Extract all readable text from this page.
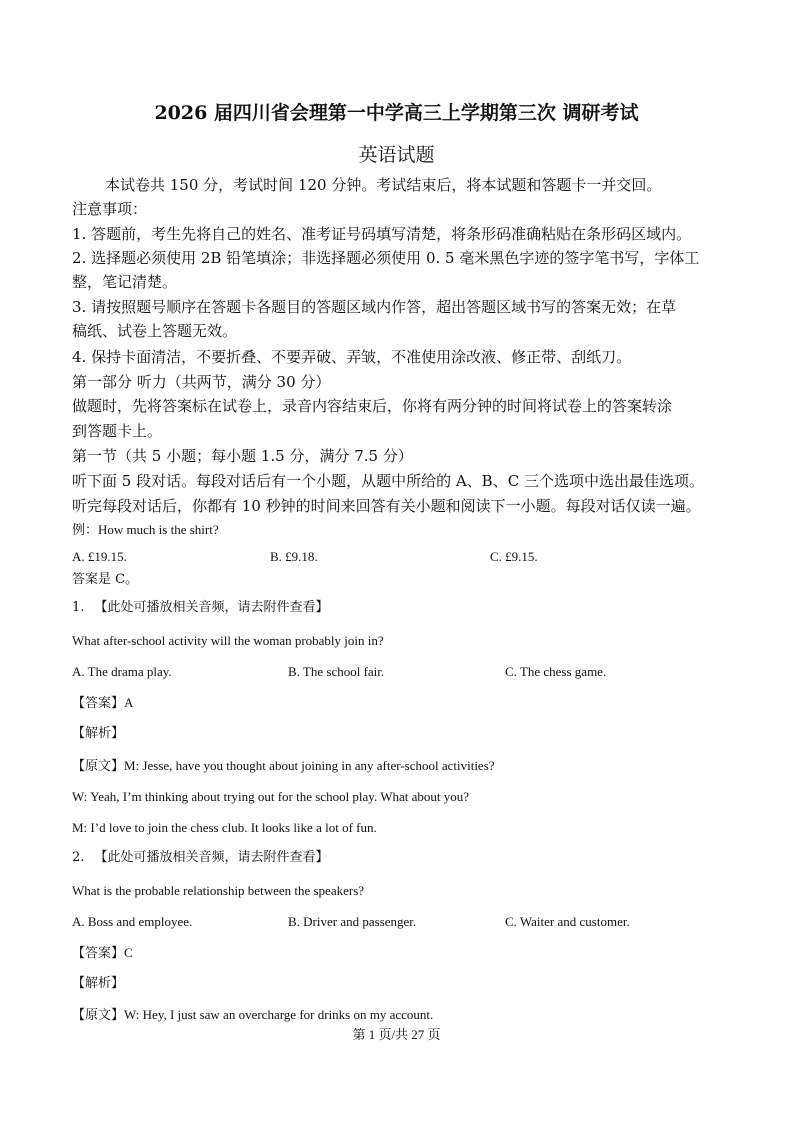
2026 届四川省会理第一中学高三上学期第三次 调研考试
英语试题
本试卷共 150 分，考试时间 120 分钟。考试结束后，将本试题和答题卡一并交回。
注意事项：
1. 答题前，考生先将自己的姓名、准考证号码填写清楚，将条形码准确粘贴在条形码区域内。
2. 选择题必须使用 2B 铅笔填涂；非选择题必须使用 0. 5 毫米黑色字迹的签字笔书写，字体工
整，笔记清楚。
3. 请按照题号顺序在答题卡各题目的答题区域内作答，超出答题区域书写的答案无效；在草
稿纸、试卷上答题无效。
4. 保持卡面清洁，不要折叠、不要弄破、弄皱，不准使用涂改液、修正带、刮纸刀。
第一部分 听力（共两节，满分 30 分）
做题时，先将答案标在试卷上，录音内容结束后，你将有两分钟的时间将试卷上的答案转涂
到答题卡上。
第一节（共 5 小题；每小题 1.5 分，满分 7.5 分）
听下面 5 段对话。每段对话后有一个小题，从题中所给的 A、B、C 三个选项中选出最佳选项。
听完每段对话后，你都有 10 秒钟的时间来回答有关小题和阅读下一小题。每段对话仅读一遍。
例：How much is the shirt?
A. £19.15.	B. £9.18.	C. £9.15.
答案是 C。
1. 【此处可播放相关音频，请去附件查看】
What after-school activity will the woman probably join in?
A. The drama play.	B. The school fair.	C. The chess game.
【答案】A
【解析】
【原文】M: Jesse, have you thought about joining in any after-school activities?
W: Yeah, I’m thinking about trying out for the school play. What about you?
M: I’d love to join the chess club. It looks like a lot of fun.
2. 【此处可播放相关音频，请去附件查看】
What is the probable relationship between the speakers?
A. Boss and employee.	B. Driver and passenger.	C. Waiter and customer.
【答案】C
【解析】
【原文】W: Hey, I just saw an overcharge for drinks on my account.
第 1 页/共 27 页
